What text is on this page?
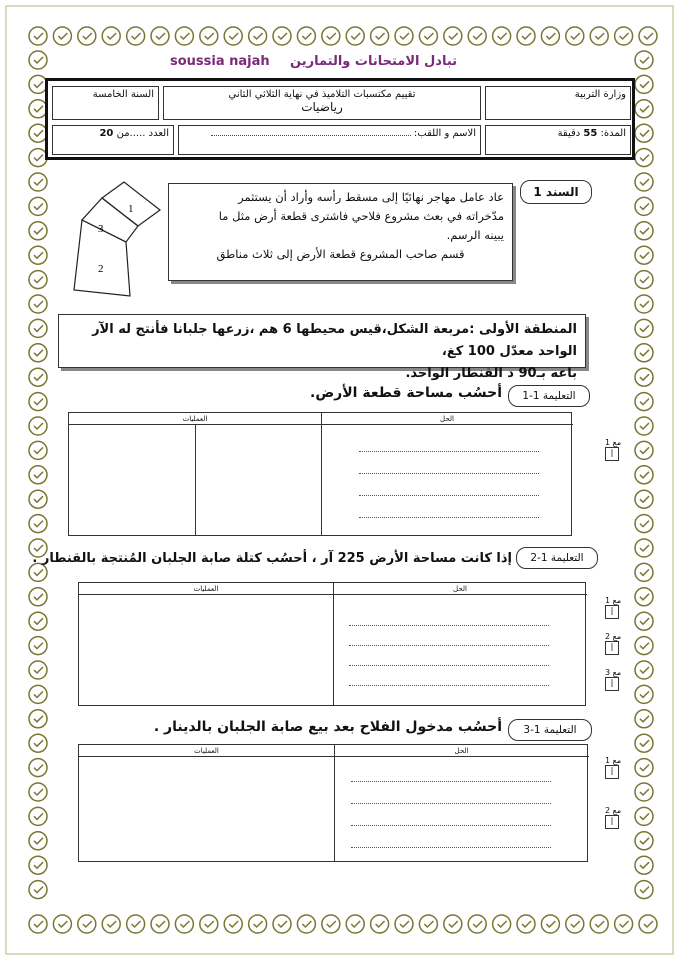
soussia najah تبادل الامتحانات والتمارين
وزارة التربية
تقييم مكتسبات التلاميذ في نهاية الثلاثي الثاني
رياضيات
السنة الخامسة
المدة: 55 دقيقة
الاسم و اللقب:
العدد .....من 20
السند 1

عاد عامل مهاجر نهائيًا إلى مسقط رأسه وأراد أن يستثمر

مدّخراته في بعث مشروع فلاحي فاشترى قطعة أرض مثل ما

يبينه الرسم.

قسم صاحب المشروع قطعة الأرض إلى ثلاث مناطق

1
2
3
المنطقة الأولى :مربعة الشكل،قيس محيطها 6 هم ،زرعها جلبانا فأنتج له الآر الواحد معدّل 100 كغ،
باعه بـ90 د القنطار الواحد.
التعليمة 1-1
أحسُب مساحة قطعة الأرض.
الحل
العمليات
التعليمة 1-2
إذا كانت مساحة الأرض 225 آر ، أحسُب كتلة صابة الجلبان المُنتجة بالقنطار .
الحل
العمليات
التعليمة 1-3
أحسُب مدخول الفلاح بعد بيع صابة الجلبان بالدينار .
الحل
العمليات
مع 1
أ
مع 1
أ
مع 2
أ
مع 3
أ
مع 1
أ
مع 2
أ
